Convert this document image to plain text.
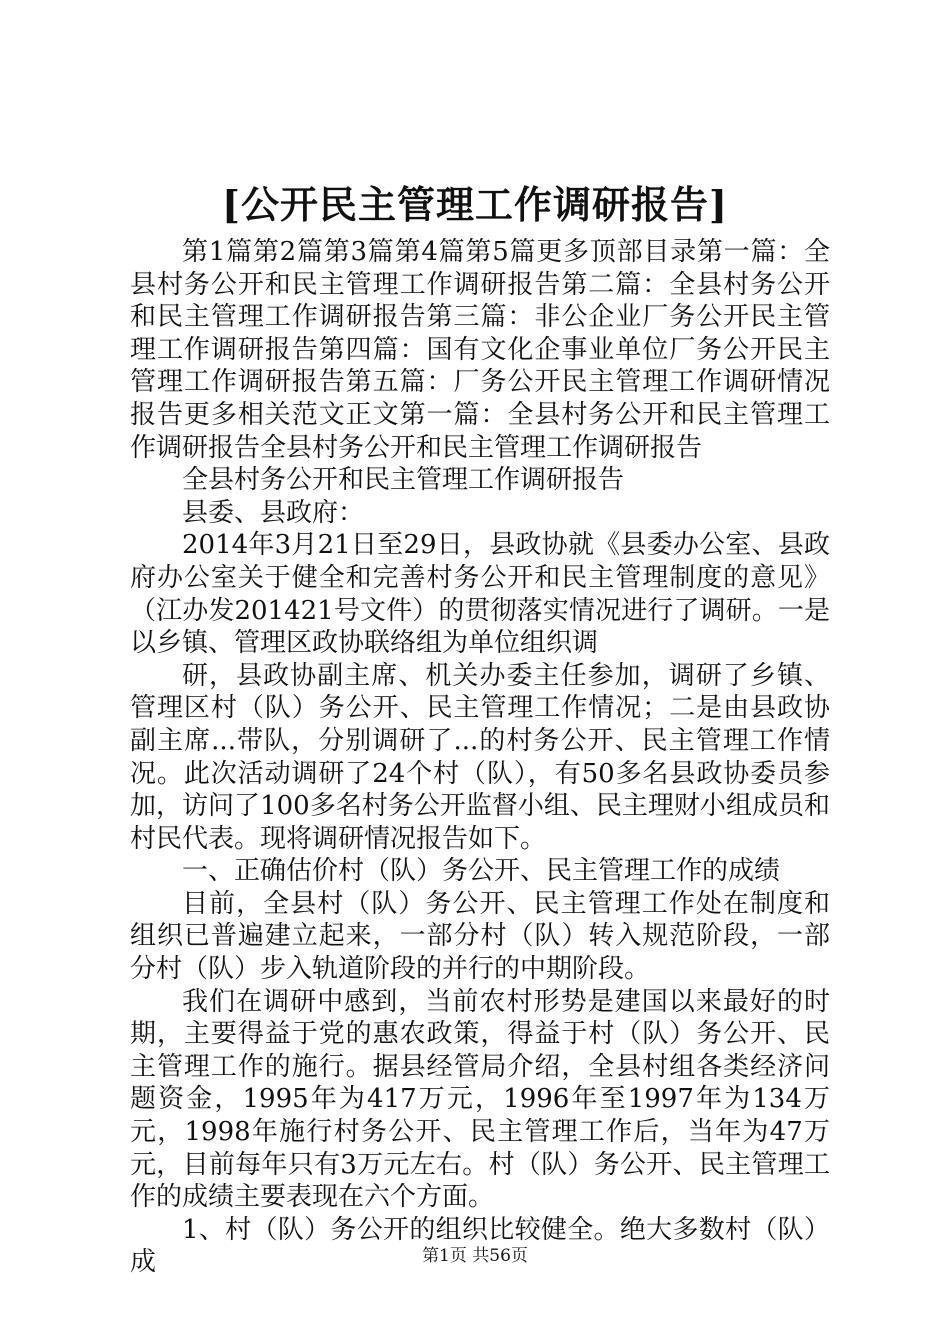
[公开民主管理工作调研报告]

第1篇第2篇第3篇第4篇第5篇更多顶部目录第一篇：全县村务公开和民主管理工作调研报告第二篇：全县村务公开和民主管理工作调研报告第三篇：非公企业厂务公开民主管理工作调研报告第四篇：国有文化企事业单位厂务公开民主管理工作调研报告第五篇：厂务公开民主管理工作调研情况报告更多相关范文正文第一篇：全县村务公开和民主管理工作调研报告全县村务公开和民主管理工作调研报告

全县村务公开和民主管理工作调研报告

县委、县政府：

2014年3月21日至29日，县政协就《县委办公室、县政府办公室关于健全和完善村务公开和民主管理制度的意见》（江办发201421号文件）的贯彻落实情况进行了调研。一是以乡镇、管理区政协联络组为单位组织调

研，县政协副主席、机关办委主任参加，调研了乡镇、管理区村（队）务公开、民主管理工作情况；二是由县政协副主席...带队，分别调研了...的村务公开、民主管理工作情况。此次活动调研了24个村（队），有50多名县政协委员参加，访问了100多名村务公开监督小组、民主理财小组成员和村民代表。现将调研情况报告如下。

一、正确估价村（队）务公开、民主管理工作的成绩

目前，全县村（队）务公开、民主管理工作处在制度和组织已普遍建立起来，一部分村（队）转入规范阶段，一部分村（队）步入轨道阶段的并行的中期阶段。

我们在调研中感到，当前农村形势是建国以来最好的时期，主要得益于党的惠农政策，得益于村（队）务公开、民主管理工作的施行。据县经管局介绍，全县村组各类经济问题资金，1995年为417万元，1996年至1997年为134万元，1998年施行村务公开、民主管理工作后，当年为47万元，目前每年只有3万元左右。村（队）务公开、民主管理工作的成绩主要表现在六个方面。

1、村（队）务公开的组织比较健全。绝大多数村（队）成	第1页 共56页
